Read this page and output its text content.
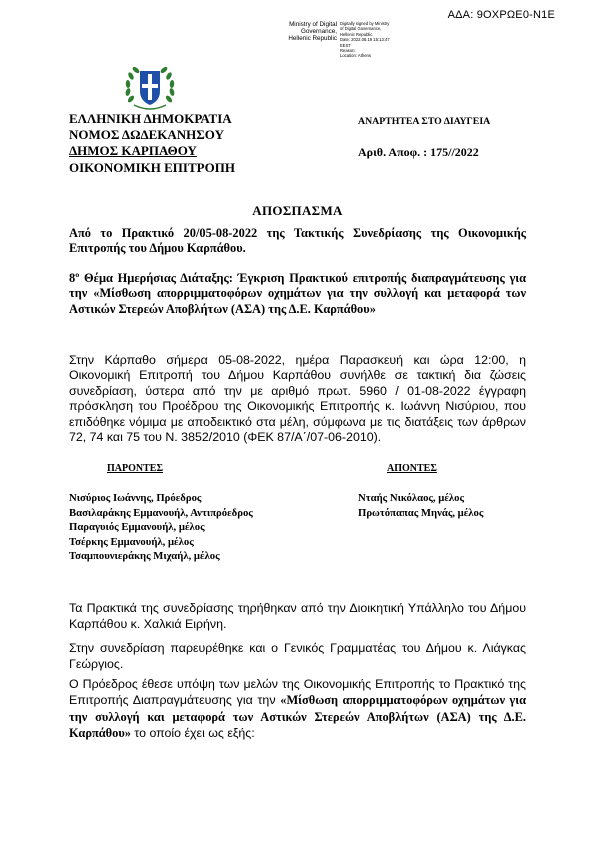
ΑΔΑ: 9ΟΧΡΩΕ0-Ν1Ε
Ministry of Digital
Governance,
Hellenic Republic
Digitally signed by Ministry
of Digital Governance,
Hellenic Republic
Date: 2022.08.19 15:13:47
EEST
Reason:
Location: Athens
ΕΛΛΗΝΙΚΗ ΔΗΜΟΚΡΑΤΙΑ
ΝΟΜΟΣ ΔΩΔΕΚΑΝΗΣΟΥ
ΔΗΜΟΣ ΚΑΡΠΑΘΟΥ
ΟΙΚΟΝΟΜΙΚΗ ΕΠΙΤΡΟΠΗ
ΑΝΑΡΤΗΤΕΑ ΣΤΟ ΔΙΑΥΓΕΙΑ
Αριθ. Αποφ. : 175//2022
ΑΠΟΣΠΑΣΜΑ
Από το Πρακτικό 20/05-08-2022 της Τακτικής Συνεδρίασης της Οικονομικής Επιτροπής του Δήμου Καρπάθου.
8º Θέμα Ημερήσιας Διάταξης: Έγκριση Πρακτικού επιτροπής διαπραγμάτευσης για την «Μίσθωση απορριμματοφόρων οχημάτων για την συλλογή και μεταφορά των Αστικών Στερεών Αποβλήτων (ΑΣΑ) της Δ.Ε. Καρπάθου»
Στην Κάρπαθο σήμερα 05-08-2022, ημέρα Παρασκευή και ώρα 12:00, η Οικονομική Επιτροπή του Δήμου Καρπάθου συνήλθε σε τακτική δια ζώσεις συνεδρίαση, ύστερα από την με αριθμό πρωτ. 5960 / 01-08-2022 έγγραφη πρόσκληση του Προέδρου της Οικονομικής Επιτροπής κ. Ιωάννη Νισύριου, που επιδόθηκε νόμιμα με αποδεικτικό στα μέλη, σύμφωνα με τις διατάξεις των άρθρων 72, 74 και 75 του Ν. 3852/2010 (ΦΕΚ 87/Α΄/07-06-2010).
ΠΑΡΟΝΤΕΣ	ΑΠΟΝΤΕΣ
Νισύριος Ιωάννης, Πρόεδρος
Βασιλαράκης Εμμανουήλ, Αντιπρόεδρος
Παραγυιός Εμμανουήλ, μέλος
Τσέρκης Εμμανουήλ, μέλος
Τσαμπουνιεράκης Μιχαήλ, μέλος
Νταής Νικόλαος, μέλος
Πρωτόπαπας Μηνάς, μέλος
Τα Πρακτικά της συνεδρίασης τηρήθηκαν από την Διοικητική Υπάλληλο του Δήμου Καρπάθου κ. Χαλκιά Ειρήνη.
Στην συνεδρίαση παρευρέθηκε και ο Γενικός Γραμματέας του Δήμου κ. Λιάγκας Γεώργιος.
Ο Πρόεδρος έθεσε υπόψη των μελών της Οικονομικής Επιτροπής το Πρακτικό της Επιτροπής Διαπραγμάτευσης για την «Μίσθωση απορριμματοφόρων οχημάτων για την συλλογή και μεταφορά των Αστικών Στερεών Αποβλήτων (ΑΣΑ) της Δ.Ε. Καρπάθου» το οποίο έχει ως εξής:
